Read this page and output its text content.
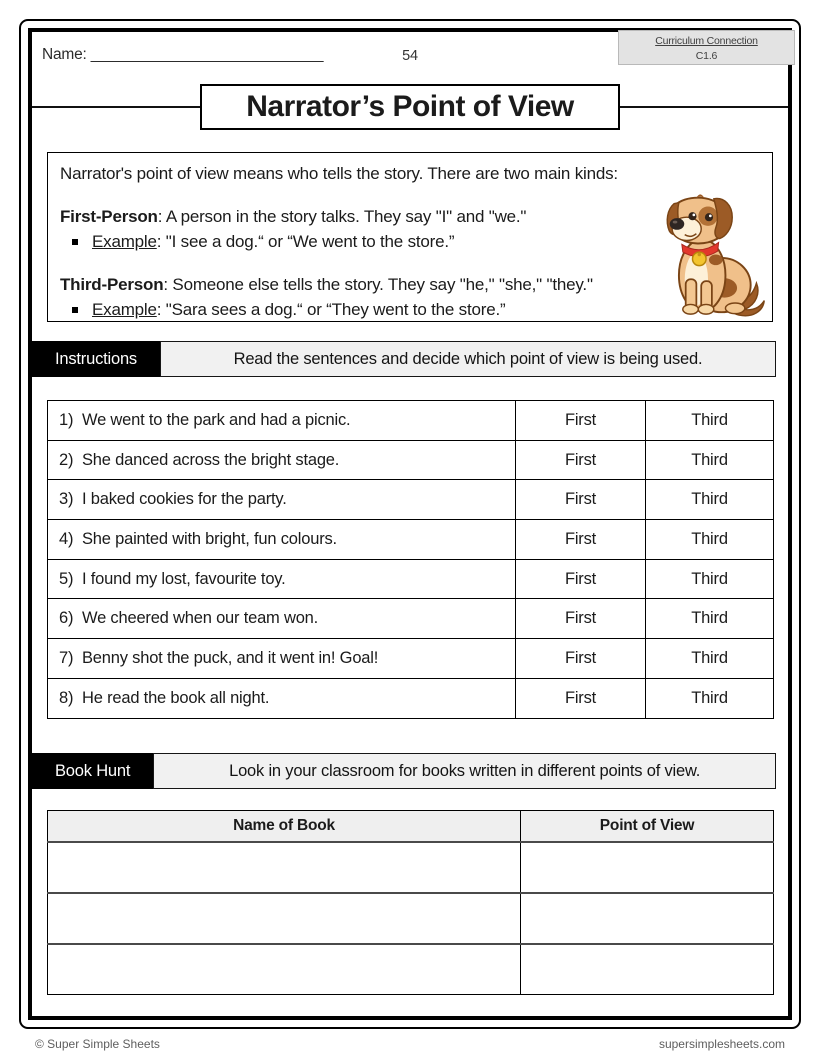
Name: ___________________________	54
Curriculum Connection
C1.6
Narrator’s Point of View
Narrator's point of view means who tells the story. There are two main kinds:
First-Person: A person in the story talks. They say "I" and "we."
Example: "I see a dog.“ or “We went to the store.”
Third-Person: Someone else tells the story. They say "he," "she," "they."
Example: "Sara sees a dog.“ or “They went to the store.”
Instructions	Read the sentences and decide which point of view is being used.
1) We went to the park and had a picnic.	First	Third
2) She danced across the bright stage.	First	Third
3) I baked cookies for the party.	First	Third
4) She painted with bright, fun colours.	First	Third
5) I found my lost, favourite toy.	First	Third
6) We cheered when our team won.	First	Third
7) Benny shot the puck, and it went in! Goal!	First	Third
8) He read the book all night.	First	Third
Book Hunt	Look in your classroom for books written in different points of view.
Name of Book	Point of View

© Super Simple Sheets	supersimplesheets.com
